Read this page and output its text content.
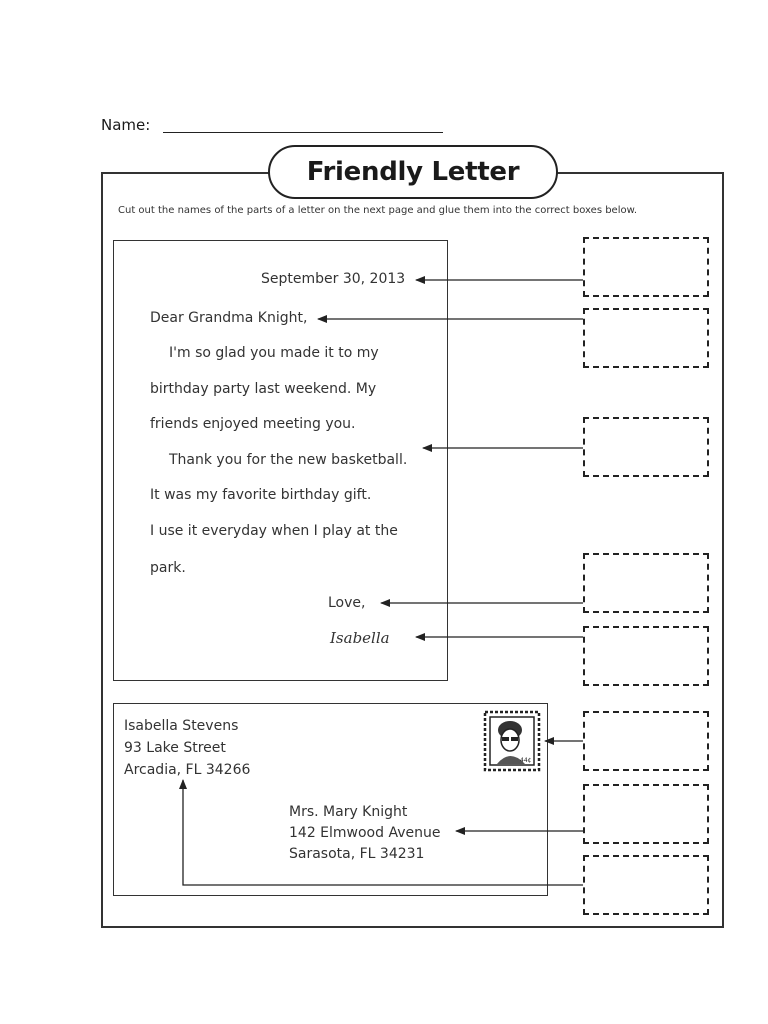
Name:
Friendly Letter
Cut out the names of the parts of a letter on the next page and glue them into the correct boxes below.
September 30, 2013
Dear Grandma Knight,
I'm so glad you made it to my
birthday party last weekend. My
friends enjoyed meeting you.
Thank you for the new basketball.
It was my favorite birthday gift.
I use it everyday when I play at the
park.
Love,
Isabella
Isabella Stevens
93 Lake Street
Arcadia, FL 34266
Mrs. Mary Knight
142 Elmwood Avenue
Sarasota, FL 34231
44¢
